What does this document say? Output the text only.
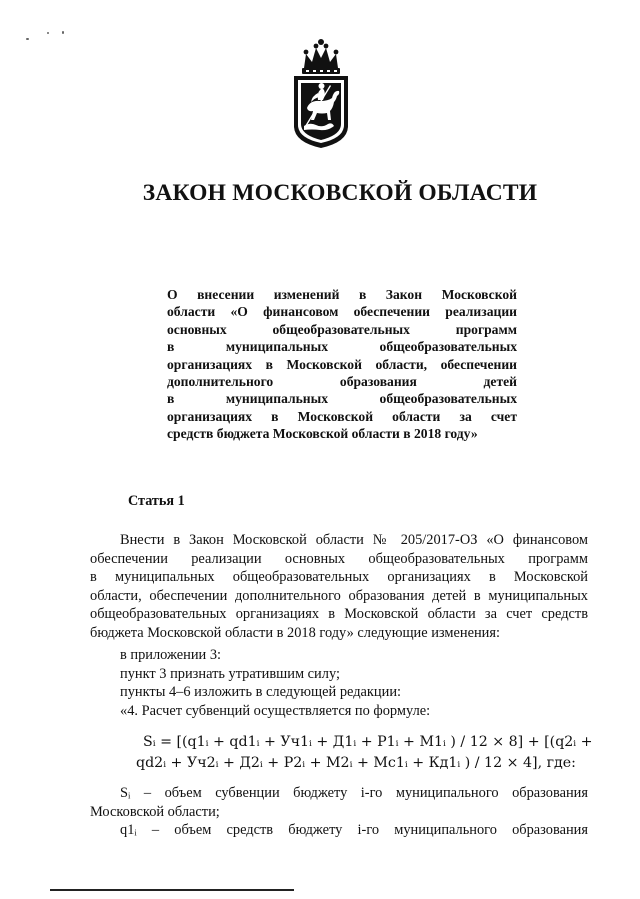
ЗАКОН МОСКОВСКОЙ ОБЛАСТИ
О внесении изменений в Закон Московской
области «О финансовом обеспечении реализации
основных общеобразовательных программ
в муниципальных общеобразовательных
организациях в Московской области, обеспечении
дополнительного образования детей
в муниципальных общеобразовательных
организациях в Московской области за счет
средств бюджета Московской области в 2018 году»
Статья 1
Внести в Закон Московской области № 205/2017-ОЗ «О финансовом
обеспечении реализации основных общеобразовательных программ
в муниципальных общеобразовательных организациях в Московской
области, обеспечении дополнительного образования детей в муниципальных
общеобразовательных организациях в Московской области за счет средств
бюджета Московской области в 2018 году» следующие изменения:
в приложении 3:
пункт 3 признать утратившим силу;
пункты 4–6 изложить в следующей редакции:
«4. Расчет субвенций осуществляется по формуле:
Sᵢ = [(q1ᵢ + qd1ᵢ + Уч1ᵢ + Д1ᵢ + Р1ᵢ + М1ᵢ ) / 12 × 8] + [(q2ᵢ +
qd2ᵢ + Уч2ᵢ + Д2ᵢ + Р2ᵢ + М2ᵢ + Мс1ᵢ + Кд1ᵢ ) / 12 × 4], где:
Sᵢ – объем субвенции бюджету i-го муниципального образования
Московской области;
q1ᵢ – объем средств бюджету i-го муниципального образования
